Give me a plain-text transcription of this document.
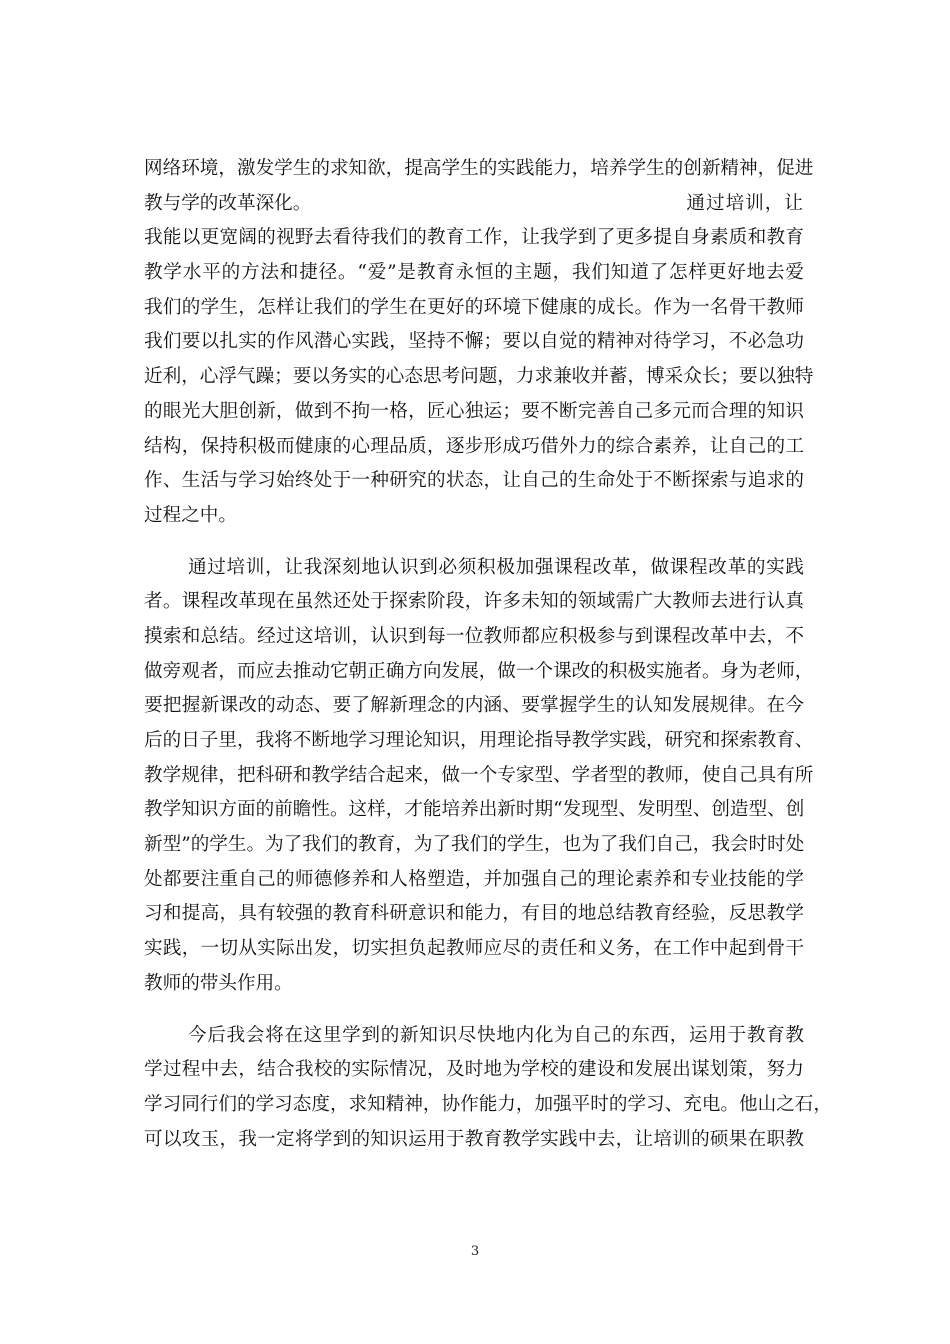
网络环境，激发学生的求知欲，提高学生的实践能力，培养学生的创新精神，促进
教与学的改革深化。	通过培训，让
我能以更宽阔的视野去看待我们的教育工作，让我学到了更多提自身素质和教育
教学水平的方法和捷径。“爱”是教育永恒的主题，我们知道了怎样更好地去爱
我们的学生，怎样让我们的学生在更好的环境下健康的成长。作为一名骨干教师
我们要以扎实的作风潜心实践，坚持不懈；要以自觉的精神对待学习，不必急功
近利，心浮气躁；要以务实的心态思考问题，力求兼收并蓄，博采众长；要以独特
的眼光大胆创新，做到不拘一格，匠心独运；要不断完善自己多元而合理的知识
结构，保持积极而健康的心理品质，逐步形成巧借外力的综合素养，让自己的工
作、生活与学习始终处于一种研究的状态，让自己的生命处于不断探索与追求的
过程之中。
通过培训，让我深刻地认识到必须积极加强课程改革，做课程改革的实践
者。课程改革现在虽然还处于探索阶段，许多未知的领域需广大教师去进行认真
摸索和总结。经过这培训，认识到每一位教师都应积极参与到课程改革中去，不
做旁观者，而应去推动它朝正确方向发展，做一个课改的积极实施者。身为老师，
要把握新课改的动态、要了解新理念的内涵、要掌握学生的认知发展规律。在今
后的日子里，我将不断地学习理论知识，用理论指导教学实践，研究和探索教育、
教学规律，把科研和教学结合起来，做一个专家型、学者型的教师，使自己具有所
教学知识方面的前瞻性。这样，才能培养出新时期“发现型、发明型、创造型、创
新型”的学生。为了我们的教育，为了我们的学生，也为了我们自己，我会时时处
处都要注重自己的师德修养和人格塑造，并加强自己的理论素养和专业技能的学
习和提高，具有较强的教育科研意识和能力，有目的地总结教育经验，反思教学
实践，一切从实际出发，切实担负起教师应尽的责任和义务，在工作中起到骨干
教师的带头作用。
今后我会将在这里学到的新知识尽快地内化为自己的东西，运用于教育教
学过程中去，结合我校的实际情况，及时地为学校的建设和发展出谋划策，努力
学习同行们的学习态度，求知精神，协作能力，加强平时的学习、充电。他山之石，
可以攻玉，我一定将学到的知识运用于教育教学实践中去，让培训的硕果在职教
3
